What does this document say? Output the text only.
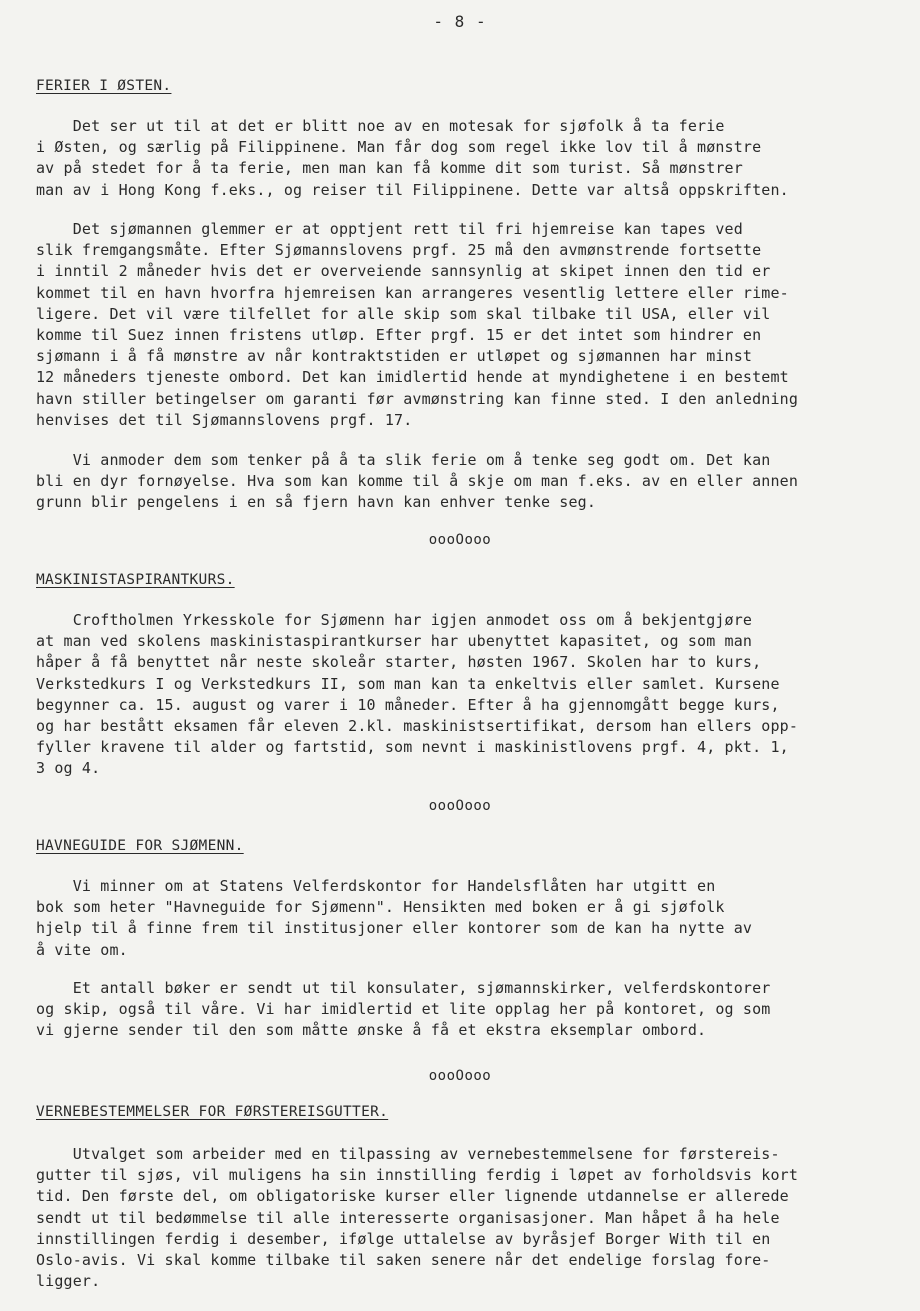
- 8 -
FERIER I ØSTEN.
Det ser ut til at det er blitt noe av en motesak for sjøfolk å ta ferie
i Østen, og særlig på Filippinene. Man får dog som regel ikke lov til å mønstre
av på stedet for å ta ferie, men man kan få komme dit som turist. Så mønstrer
man av i Hong Kong f.eks., og reiser til Filippinene. Dette var altså oppskriften.
Det sjømannen glemmer er at opptjent rett til fri hjemreise kan tapes ved
slik fremgangsmåte. Efter Sjømannslovens prgf. 25 må den avmønstrende fortsette
i inntil 2 måneder hvis det er overveiende sannsynlig at skipet innen den tid er
kommet til en havn hvorfra hjemreisen kan arrangeres vesentlig lettere eller rime-
ligere. Det vil være tilfellet for alle skip som skal tilbake til USA, eller vil
komme til Suez innen fristens utløp. Efter prgf. 15 er det intet som hindrer en
sjømann i å få mønstre av når kontraktstiden er utløpet og sjømannen har minst
12 måneders tjeneste ombord. Det kan imidlertid hende at myndighetene i en bestemt
havn stiller betingelser om garanti før avmønstring kan finne sted. I den anledning
henvises det til Sjømannslovens prgf. 17.
Vi anmoder dem som tenker på å ta slik ferie om å tenke seg godt om. Det kan
bli en dyr fornøyelse. Hva som kan komme til å skje om man f.eks. av en eller annen
grunn blir pengelens i en så fjern havn kan enhver tenke seg.
oooOooo
MASKINISTASPIRANTKURS.
Croftholmen Yrkesskole for Sjømenn har igjen anmodet oss om å bekjentgjøre
at man ved skolens maskinistaspirantkurser har ubenyttet kapasitet, og som man
håper å få benyttet når neste skoleår starter, høsten 1967. Skolen har to kurs,
Verkstedkurs I og Verkstedkurs II, som man kan ta enkeltvis eller samlet. Kursene
begynner ca. 15. august og varer i 10 måneder. Efter å ha gjennomgått begge kurs,
og har bestått eksamen får eleven 2.kl. maskinistsertifikat, dersom han ellers opp-
fyller kravene til alder og fartstid, som nevnt i maskinistlovens prgf. 4, pkt. 1,
3 og 4.
oooOooo
HAVNEGUIDE FOR SJØMENN.
Vi minner om at Statens Velferdskontor for Handelsflåten har utgitt en
bok som heter "Havneguide for Sjømenn". Hensikten med boken er å gi sjøfolk
hjelp til å finne frem til institusjoner eller kontorer som de kan ha nytte av
å vite om.
Et antall bøker er sendt ut til konsulater, sjømannskirker, velferdskontorer
og skip, også til våre. Vi har imidlertid et lite opplag her på kontoret, og som
vi gjerne sender til den som måtte ønske å få et ekstra eksemplar ombord.
oooOooo
VERNEBESTEMMELSER FOR FØRSTEREISGUTTER.
Utvalget som arbeider med en tilpassing av vernebestemmelsene for førstereis-
gutter til sjøs, vil muligens ha sin innstilling ferdig i løpet av forholdsvis kort
tid. Den første del, om obligatoriske kurser eller lignende utdannelse er allerede
sendt ut til bedømmelse til alle interesserte organisasjoner. Man håpet å ha hele
innstillingen ferdig i desember, ifølge uttalelse av byråsjef Borger With til en
Oslo-avis. Vi skal komme tilbake til saken senere når det endelige forslag fore-
ligger.
